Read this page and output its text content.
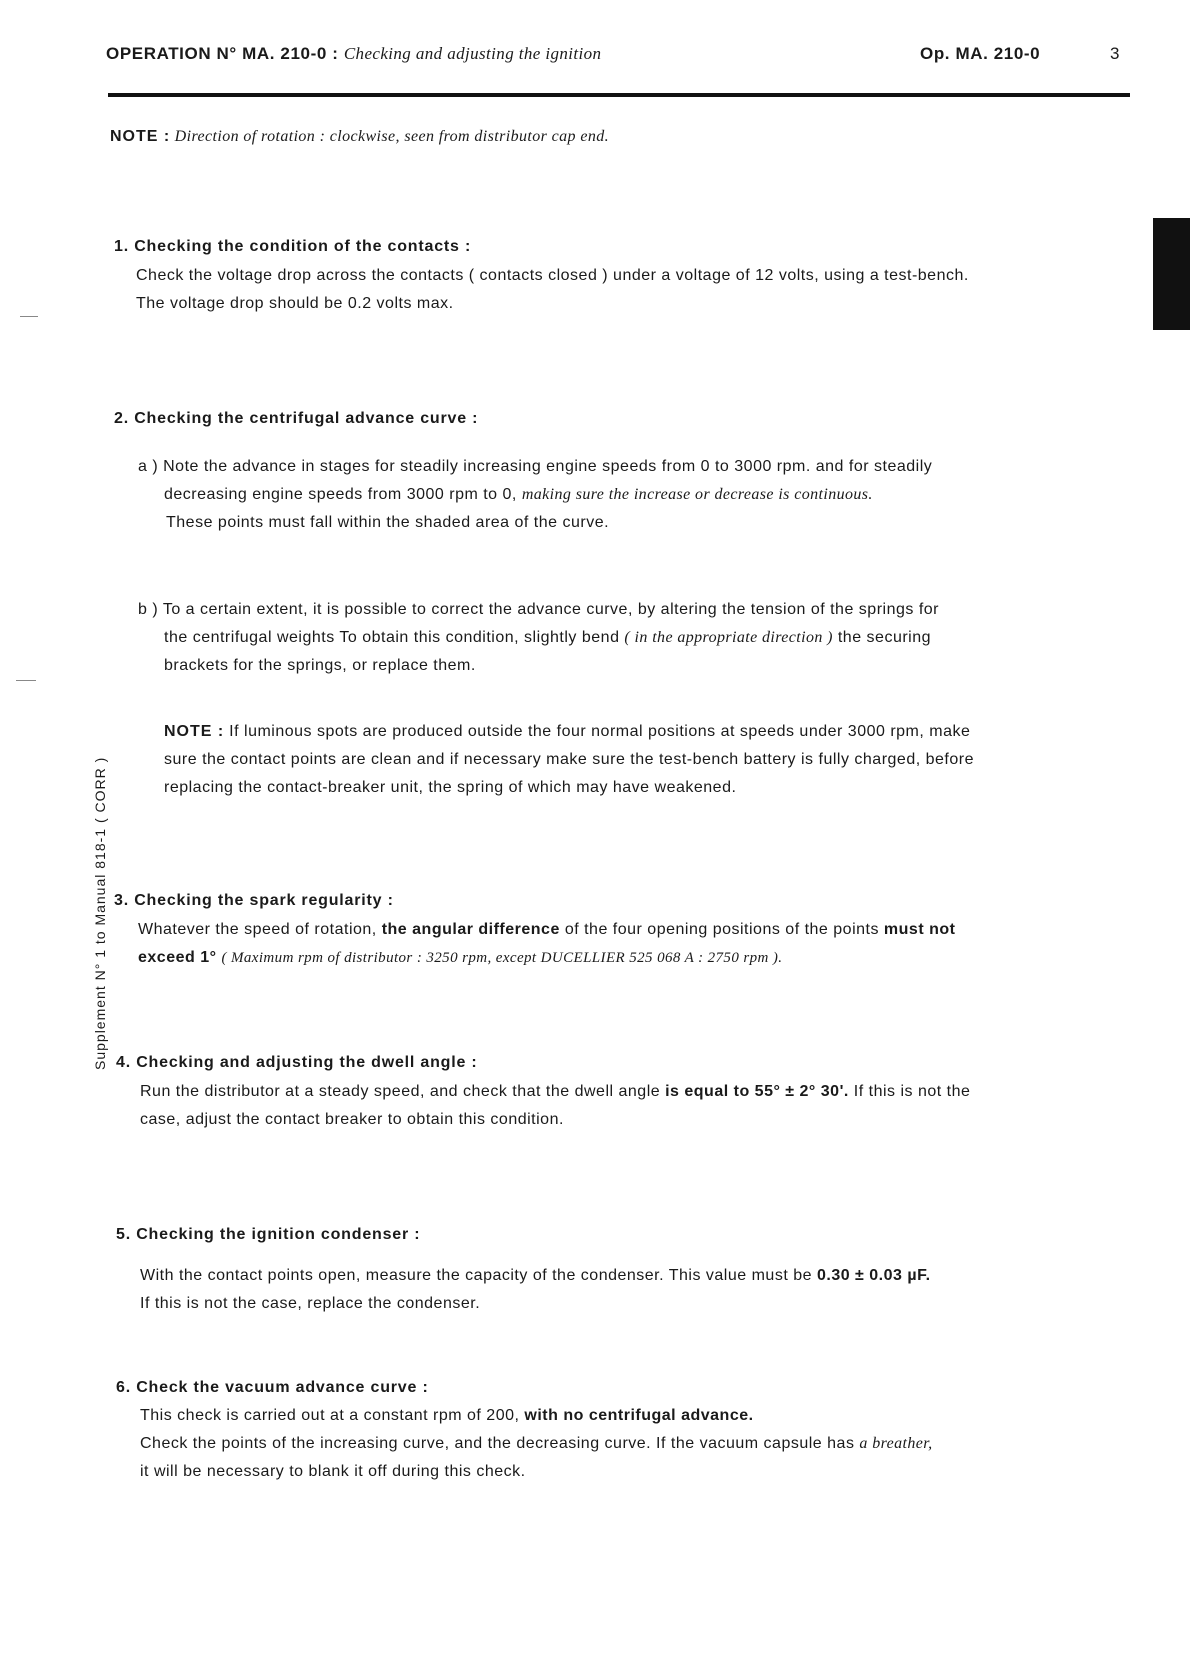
OPERATION N° MA. 210-0 : Checking and adjusting the ignition	Op. MA. 210-0	3
NOTE : Direction of rotation : clockwise, seen from distributor cap end.
Supplement N° 1 to Manual 818-1 ( CORR )
1. Checking the condition of the contacts :
Check the voltage drop across the contacts ( contacts closed ) under a voltage of 12 volts, using a test-bench.
The voltage drop should be 0.2 volts max.
2. Checking the centrifugal advance curve :
a ) Note the advance in stages for steadily increasing engine speeds from 0 to 3000 rpm. and for steadily
decreasing engine speeds from 3000 rpm to 0, making sure the increase or decrease is continuous.
These points must fall within the shaded area of the curve.
b ) To a certain extent, it is possible to correct the advance curve, by altering the tension of the springs for
the centrifugal weights To obtain this condition, slightly bend ( in the appropriate direction ) the securing
brackets for the springs, or replace them.
NOTE : If luminous spots are produced outside the four normal positions at speeds under 3000 rpm, make
sure the contact points are clean and if necessary make sure the test-bench battery is fully charged, before
replacing the contact-breaker unit, the spring of which may have weakened.
3. Checking the spark regularity :
Whatever the speed of rotation, the angular difference of the four opening positions of the points must not
exceed 1° ( Maximum rpm of distributor : 3250 rpm, except DUCELLIER 525 068 A : 2750 rpm ).
4. Checking and adjusting the dwell angle :
Run the distributor at a steady speed, and check that the dwell angle is equal to 55° ± 2° 30'. If this is not the
case, adjust the contact breaker to obtain this condition.
5. Checking the ignition condenser :
With the contact points open, measure the capacity of the condenser. This value must be 0.30 ± 0.03 µF.
If this is not the case, replace the condenser.
6. Check the vacuum advance curve :
This check is carried out at a constant rpm of 200, with no centrifugal advance.
Check the points of the increasing curve, and the decreasing curve. If the vacuum capsule has a breather,
it will be necessary to blank it off during this check.
